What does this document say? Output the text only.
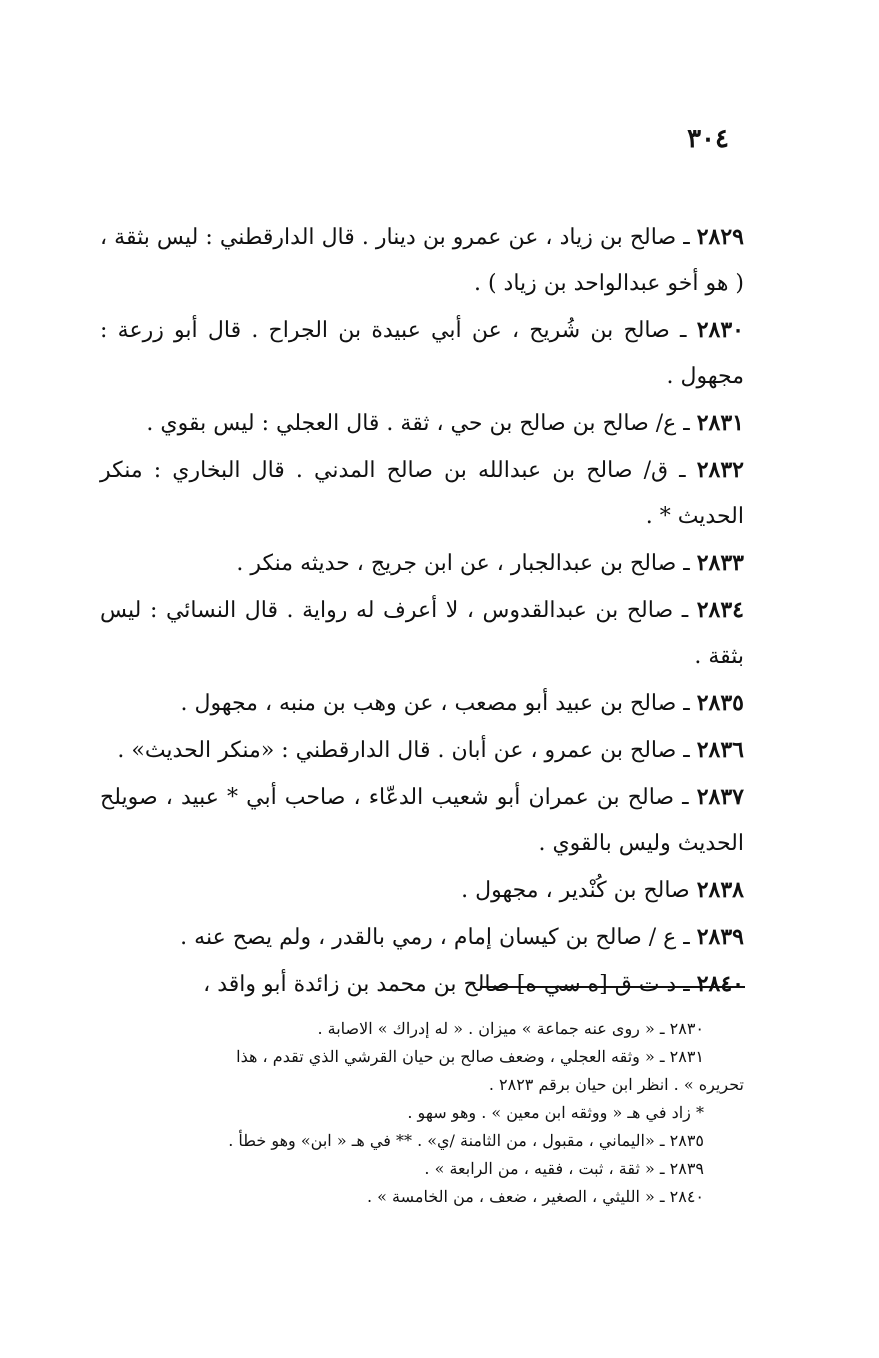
٣٠٤

٢٨٢٩ ـ صالح بن زياد ، عن عمرو بن دينار . قال الدارقطني : ليس بثقة ، ( هو أخو عبدالواحد بن زياد ) .

٢٨٣٠ ـ صالح بن شُريح ، عن أبي عبيدة بن الجراح . قال أبو زرعة : مجهول .

٢٨٣١ ـ ع/ صالح بن صالح بن حي ، ثقة . قال العجلي : ليس بقوي .

٢٨٣٢ ـ ق/ صالح بن عبدالله بن صالح المدني . قال البخاري : منكر الحديث * .

٢٨٣٣ ـ صالح بن عبدالجبار ، عن ابن جريج ، حديثه منكر .

٢٨٣٤ ـ صالح بن عبدالقدوس ، لا أعرف له رواية . قال النسائي : ليس بثقة .

٢٨٣٥ ـ صالح بن عبيد أبو مصعب ، عن وهب بن منبه ، مجهول .

٢٨٣٦ ـ صالح بن عمرو ، عن أبان . قال الدارقطني : «منكر الحديث» .

٢٨٣٧ ـ صالح بن عمران أبو شعيب الدعّاء ، صاحب أبي * عبيد ، صويلح الحديث وليس بالقوي .

٢٨٣٨ صالح بن كُنْدير ، مجهول .

٢٨٣٩ ـ ع / صالح بن كيسان إمام ، رمي بالقدر ، ولم يصح عنه .

٢٨٤٠ ـ د ت ق [ه سي ه] صالح بن محمد بن زائدة أبو واقد ،

٢٨٣٠ ـ « روى عنه جماعة » ميزان . « له إدراك » الاصابة .
٢٨٣١ ـ « وثقه العجلي ، وضعف صالح بن حيان القرشي الذي تقدم ، هذا
تحريره » . انظر ابن حيان برقم ٢٨٢٣ .
* زاد في هـ « ووثقه ابن معين » . وهو سهو .
٢٨٣٥ ـ «اليماني ، مقبول ، من الثامنة /ي» . ** في هـ « ابن» وهو خطأ .
٢٨٣٩ ـ « ثقة ، ثبت ، فقيه ، من الرابعة » .
٢٨٤٠ ـ « الليثي ، الصغير ، ضعف ، من الخامسة » .
